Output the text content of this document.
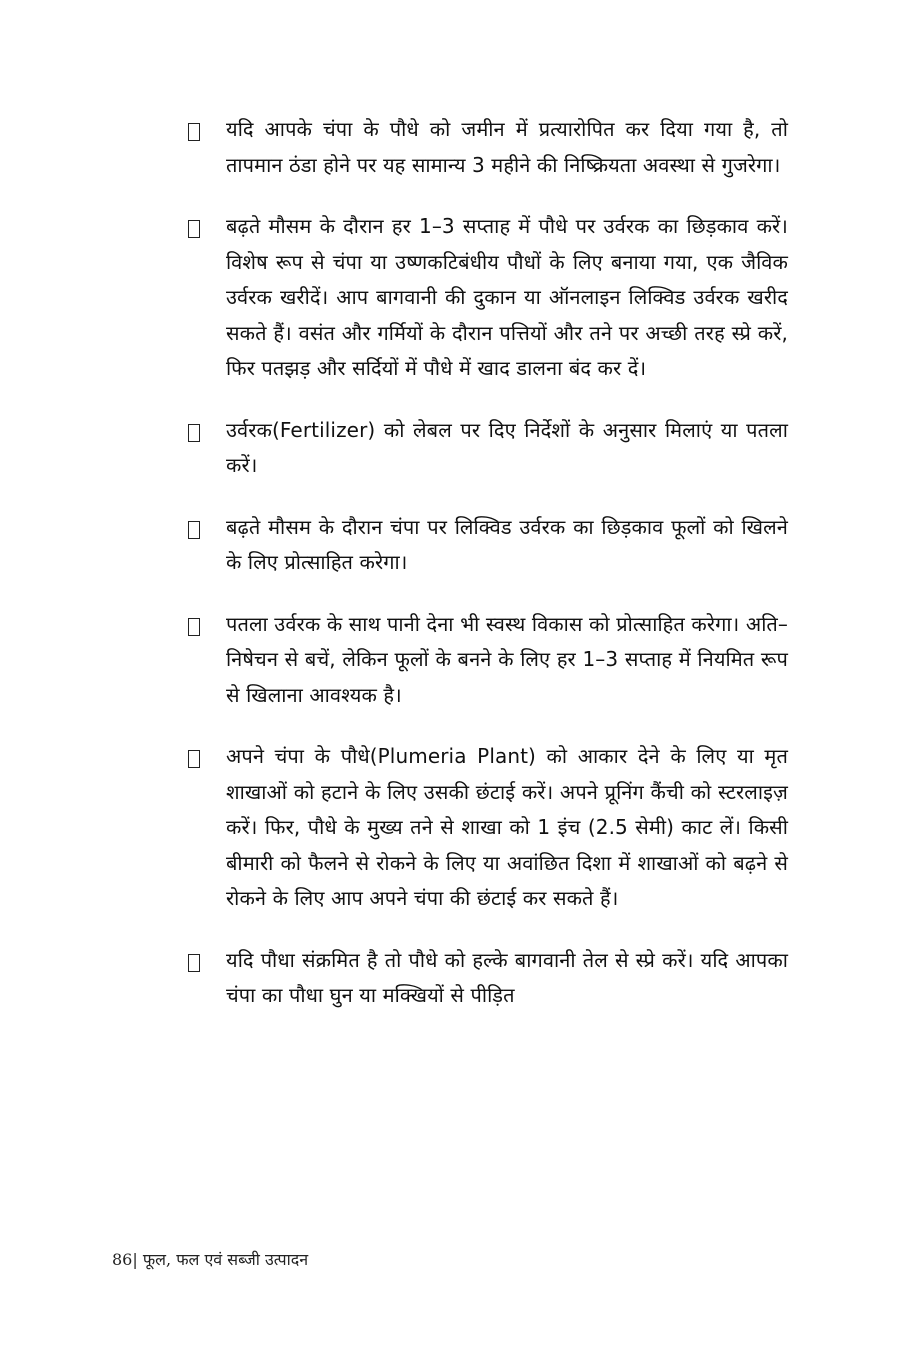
यदि आपके चंपा के पौधे को जमीन में प्रत्यारोपित कर दिया गया है, तो तापमान ठंडा होने पर यह सामान्य 3 महीने की निष्क्रियता अवस्था से गुजरेगा।
बढ़ते मौसम के दौरान हर 1–3 सप्ताह में पौधे पर उर्वरक का छिड़काव करें। विशेष रूप से चंपा या उष्णकटिबंधीय पौधों के लिए बनाया गया, एक जैविक उर्वरक खरीदें। आप बागवानी की दुकान या ऑनलाइन लिक्विड उर्वरक खरीद सकते हैं। वसंत और गर्मियों के दौरान पत्तियों और तने पर अच्छी तरह स्प्रे करें, फिर पतझड़ और सर्दियों में पौधे में खाद डालना बंद कर दें।
उर्वरक(Fertilizer) को लेबल पर दिए निर्देशों के अनुसार मिलाएं या पतला करें।
बढ़ते मौसम के दौरान चंपा पर लिक्विड उर्वरक का छिड़काव फूलों को खिलने के लिए प्रोत्साहित करेगा।
पतला उर्वरक के साथ पानी देना भी स्वस्थ विकास को प्रोत्साहित करेगा। अति–निषेचन से बचें, लेकिन फूलों के बनने के लिए हर 1–3 सप्ताह में नियमित रूप से खिलाना आवश्यक है।
अपने चंपा के पौधे(Plumeria Plant) को आकार देने के लिए या मृत शाखाओं को हटाने के लिए उसकी छंटाई करें। अपने प्रूनिंग कैंची को स्टरलाइज़ करें। फिर, पौधे के मुख्य तने से शाखा को 1 इंच (2.5 सेमी) काट लें। किसी बीमारी को फैलने से रोकने के लिए या अवांछित दिशा में शाखाओं को बढ़ने से रोकने के लिए आप अपने चंपा की छंटाई कर सकते हैं।
यदि पौधा संक्रमित है तो पौधे को हल्के बागवानी तेल से स्प्रे करें। यदि आपका चंपा का पौधा घुन या मक्खियों से पीड़ित
86| फूल, फल एवं सब्जी उत्पादन
